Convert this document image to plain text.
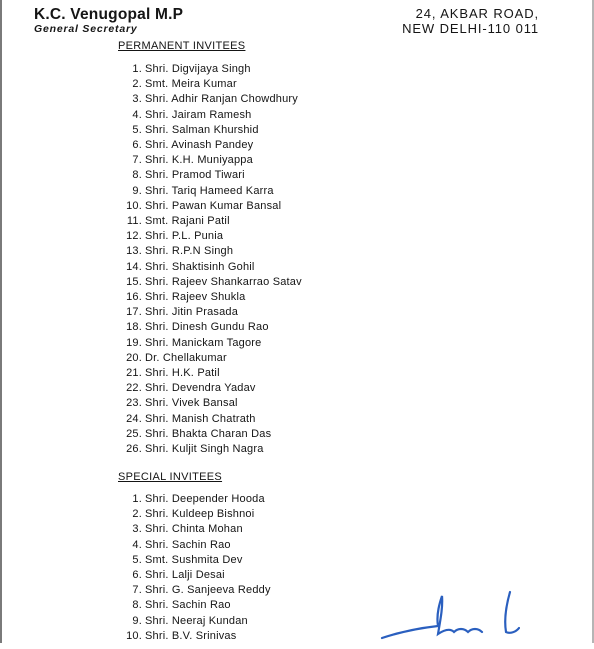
K.C. Venugopal M.P
General Secretary
24, AKBAR ROAD,
NEW DELHI-110 011
PERMANENT INVITEES
1. Shri. Digvijaya Singh
2. Smt. Meira Kumar
3. Shri. Adhir Ranjan Chowdhury
4. Shri. Jairam Ramesh
5. Shri. Salman Khurshid
6. Shri. Avinash Pandey
7. Shri. K.H. Muniyappa
8. Shri. Pramod Tiwari
9. Shri. Tariq Hameed Karra
10. Shri. Pawan Kumar Bansal
11. Smt. Rajani Patil
12. Shri. P.L. Punia
13. Shri. R.P.N Singh
14. Shri. Shaktisinh Gohil
15. Shri. Rajeev Shankarrao Satav
16. Shri. Rajeev Shukla
17. Shri. Jitin Prasada
18. Shri. Dinesh Gundu Rao
19. Shri. Manickam Tagore
20. Dr. Chellakumar
21. Shri. H.K. Patil
22. Shri. Devendra Yadav
23. Shri. Vivek Bansal
24. Shri. Manish Chatrath
25. Shri. Bhakta Charan Das
26. Shri. Kuljit Singh Nagra
SPECIAL INVITEES
1. Shri. Deepender Hooda
2. Shri. Kuldeep Bishnoi
3. Shri. Chinta Mohan
4. Shri. Sachin Rao
5. Smt. Sushmita Dev
6. Shri. Lalji Desai
7. Shri. G. Sanjeeva Reddy
8. Shri. Sachin Rao
9. Shri. Neeraj Kundan
10. Shri. B.V. Srinivas
